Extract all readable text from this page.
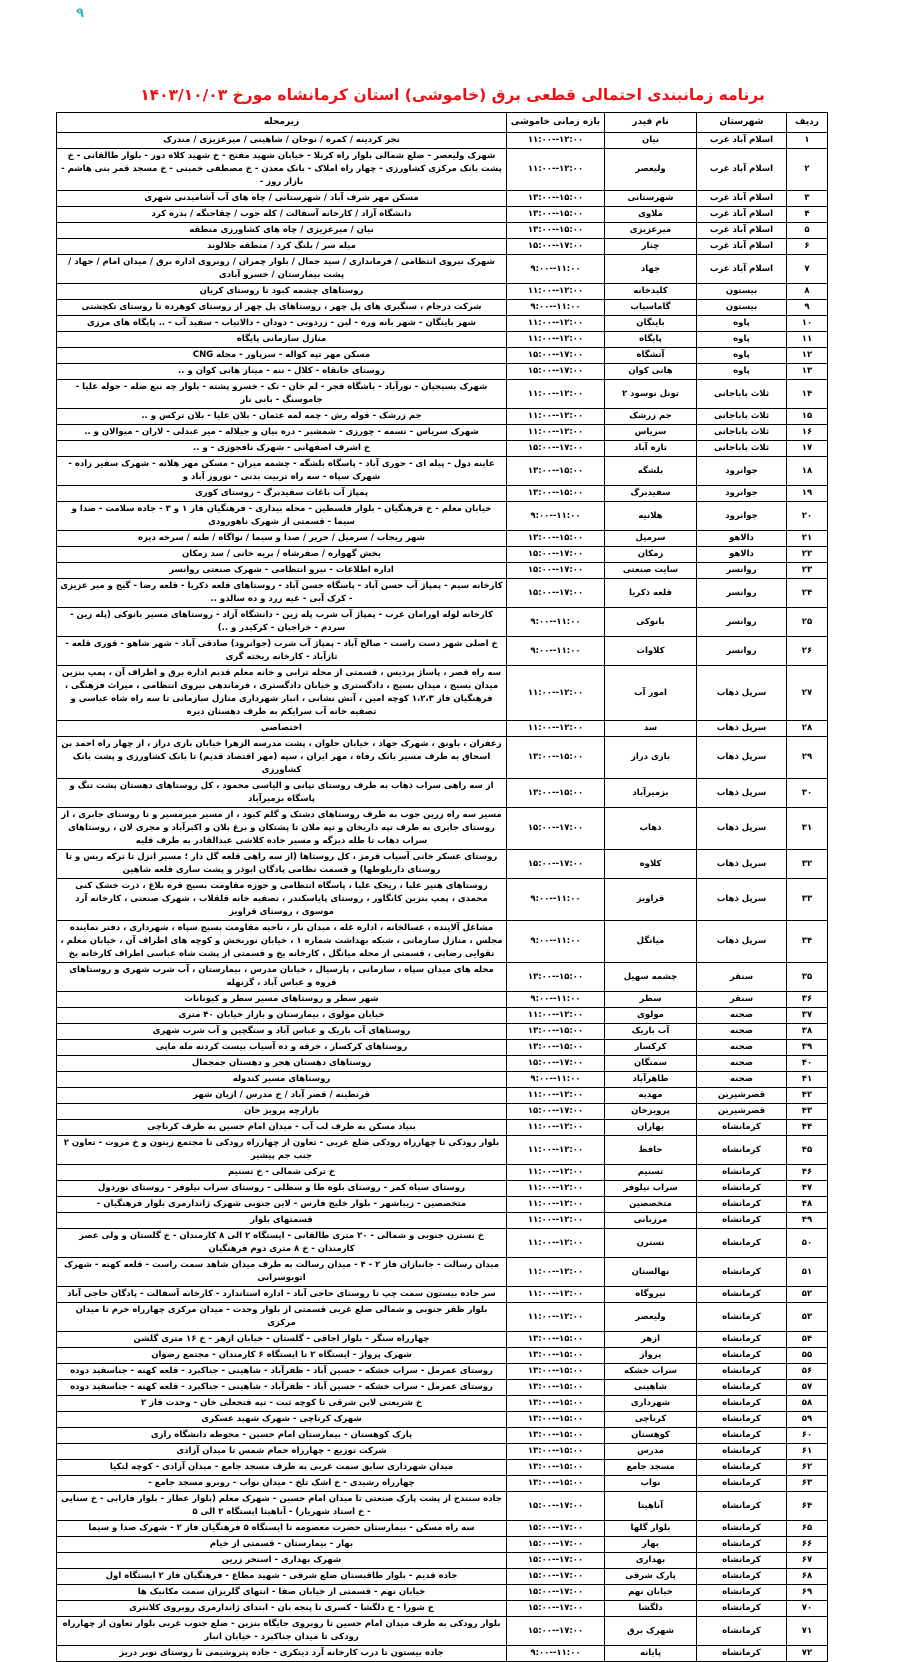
۹
برنامه زمانبندی احتمالی قطعی برق (خاموشی) استان کرمانشاه مورخ ۱۴۰۳/۱۰/۰۳
ردیف	شهرستان	نام فیدر	بازه زمانی خاموشی	زیرمحله
۱	اسلام آباد غرب	نیان	۱۱:۰۰--۱۲:۰۰	نجر کردینه / کمره / نوجان / شاهینی / میرعزیزی / مندرک
۲	اسلام آباد غرب	ولیعصر	۱۱:۰۰--۱۲:۰۰	شهرک ولیعصر - ضلع شمالی بلوار راه کربلا - خیابان شهید مفتح - خ شهید کلاه دوز - بلوار طالقانی - خ پشت بانک مرکزی کشاورزی - چهار راه املاک - بانک معدن - خ مصطفی خمینی - خ مسجد قمر بنی هاشم - بازار روز -
۳	اسلام آباد غرب	شهرستانی	۱۳:۰۰--۱۵:۰۰	مسکن مهر شرف آباد / شهرستانی / چاه های آب آشامیدنی شهری
۴	اسلام آباد غرب	ملاوی	۱۳:۰۰--۱۵:۰۰	دانشگاه آزاد / کارخانه آسفالت / کله جوب / چقاجنگه / بدره کرد
۵	اسلام آباد غرب	میرعزیزی	۱۳:۰۰--۱۵:۰۰	نیان / میرعزیزی / چاه های کشاورزی منطقه
۶	اسلام آباد غرب	چنار	۱۵:۰۰--۱۷:۰۰	میله سر / بلنگ کرد / منطقه جلالوند
۷	اسلام آباد غرب	جهاد	۹:۰۰--۱۱:۰۰	شهرک نیروی انتظامی / فرمانداری / سید جمال / بلوار چمران / روبروی اداره برق / میدان امام / جهاد / پشت بیمارستان / خسرو آبادی
۸	بیستون	کلیدخانه	۱۱:۰۰--۱۲:۰۰	روستاهای چشمه کبود تا روستای کریان
۹	بیستون	گاماسیاب	۹:۰۰--۱۱:۰۰	شرکت درجام ، سنگبری های پل چهر ، روستاهای پل چهر از روستای کوهرده تا روستای تکچشتی
۱۰	پاوه	باینگان	۱۱:۰۰--۱۲:۰۰	شهر باینگان - شهر بانه وره - لین - زردویی - دودان - دالانیاب - سفید آب - .. پایگاه های مرزی
۱۱	پاوه	پایگاه	۱۱:۰۰--۱۲:۰۰	منازل سازمانی پایگاه
۱۲	پاوه	آتشگاه	۱۵:۰۰--۱۷:۰۰	مسکن مهر تپه کواله - سرپاور - محله CNG
۱۳	پاوه	هانی کوان	۱۵:۰۰--۱۷:۰۰	روستای خانقاه - کلال - ننه - میناز هانی کوان و ..
۱۴	ثلاث باباجانی	تونل نوسود ۲	۱۱:۰۰--۱۲:۰۰	شهرک بسیجیان - نورآباد - باشگاه فجر - لم خان - تک - خسرو پشته - بلوار چه نبع ضله - حوله علیا - جاموسنگ - بانی نار
۱۵	ثلاث باباجانی	جم زرشک	۱۱:۰۰--۱۲:۰۰	جم زرشک - قوله رش - چمه لمه عثمان - بلان علیا - بلان ترکس و ..
۱۶	ثلاث باباجانی	سریاس	۱۱:۰۰--۱۲:۰۰	شهرک سریاس - تسمه - چورزی - شمشیر - دره بیان و جیلاله - میر عبدلی - لاران - میوالان و ..
۱۷	ثلاث باباجانی	تازه آباد	۱۵:۰۰--۱۷:۰۰	خ اشرف اصفهانی - شهرک نافجوزی - و ..
۱۸	جوانرود	بلشگه	۱۳:۰۰--۱۵:۰۰	عاینه دول - پیله ای - حوری آباد - پاسگاه بلشگه - چشمه میران - مسکن مهر هلانه - شهرک سفیر زاده - شهرک سپاه - سه راه تربیت بدنی - نوروز آباد و
۱۹	جوانرود	سفیدبرگ	۱۳:۰۰--۱۵:۰۰	پمپاژ آب باغات سفیدبرگ - روستای کوری
۲۰	جوانرود	هلانیه	۹:۰۰--۱۱:۰۰	خیابان معلم - خ فرهنگیان - بلوار فلسطین - محله بیداری - فرهنگیان فاز ۱ و ۳ - جاده سلامت - صدا و سیما - قسمتی از شهرک ناهورودی
۲۱	دالاهو	سرمیل	۱۳:۰۰--۱۵:۰۰	شهر ریجاب / سرمیل / حریر / صدا و سیما / نواگاه / طنه / سرخه دیزه
۲۲	دالاهو	زمکان	۱۵:۰۰--۱۷:۰۰	بخش گهواره / صفرشاه / بریه خانی / سد زمکان
۲۳	روانسر	سایت صنعتی	۱۵:۰۰--۱۷:۰۰	اداره اطلاعات - نیرو انتظامی - شهرک صنعتی روانسر
۲۴	روانسر	قلعه ذکریا	۱۵:۰۰--۱۷:۰۰	کارخانه سیم - پمپاژ آب حسن آباد - پاسگاه حسن آباد - روستاهای قلعه ذکریا - قلعه رضا - گیج و میر عزیزی - کرک آبی - غیه زرد و ده سالدو ..
۲۵	روانسر	بانوکی	۹:۰۰--۱۱:۰۰	کارخانه لوله اورامان غرب - پمپاژ آب شرب پله زین - دانشگاه آزاد - روستاهای مسیر بانوکی (پله زین - سردم - خراجیان - کرکیدر و ..)
۲۶	روانسر	کلاوات	۹:۰۰--۱۱:۰۰	خ اصلی شهر دست راست - صالح آباد - پمپاژ آب شرب (جوانرود) صادقی آباد - شهر شاهو - قوری قلعه - تازآباد - کارخانه ریخته گری
۲۷	سرپل ذهاب	امور آب	۱۱:۰۰--۱۲:۰۰	سه راه قصر ، پاساژ پردیس ، قسمتی از محله ترابی و خانه معلم قدیم اداره برق و اطراف آن ، پمپ بنزین میدان بسیج ، میدان بسیج ، دادگستری و خیابان دادگستری ، فرماندهی نیروی انتظامی ، میراث فرهنگی ، فرهنگیان فاز ۱،۲،۳ کوچه امین ، آتش نشانی ، انبار شهرداری منازل سازمانی تا سه راه شاه عباسی و تصفیه خانه آب سرایکم به طرف دهستان دیره
۲۸	سرپل ذهاب	سد	۱۱:۰۰--۱۲:۰۰	اختصاصی
۲۹	سرپل ذهاب	بازی دراز	۱۳:۰۰--۱۵:۰۰	زعفران ، باونق ، شهرک جهاد ، خیابان حلوان ، پشت مدرسه الزهرا خیابان بازی دراز ، از چهار راه احمد بن اسحاق به طرف مسیر بانک رفاه ، مهر ایران ، سپه (مهر اقتصاد قدیم) تا بانک کشاورزی و پشت بانک کشاورزی
۳۰	سرپل ذهاب	بزمیرآباد	۱۳:۰۰--۱۵:۰۰	از سه راهی سراب ذهاب به طرف روستای تپانی و الیاسی محمود ، کل روستاهای دهستان پشت تنگ و پاسگاه بزمیرآباد
۳۱	سرپل ذهاب	ذهاب	۱۵:۰۰--۱۷:۰۰	مسیر سه راه زرین جوب به طرف روستاهای دشتک و گلم کبود ، از مسیر میرمسیر و تا روستای جابری ، از روستای جابری به طرف تپه داریخان و تپه ملان تا پشتکان و برغ بلان و اکبرآباد و مجری لان ، روستاهای سراب ذهاب تا طله دیزگه و مسیر جاده کلاشی عبدالقادر به طرف قلیه
۳۲	سرپل ذهاب	کلاوه	۱۵:۰۰--۱۷:۰۰	روستای عسکر خانی آسیاب قرمز ، کل روستاها (از سه راهی قلعه گل دار ؛ مسیر انزل تا ترکه ریس و تا روستای داربلوطها) و قسمت نظامی پادگان ابوذر و پشت ساری قلعه شاهین
۳۳	سرپل ذهاب	قراویز	۹:۰۰--۱۱:۰۰	روستاهای هنیر علیا ، ریخک علیا ، پاسگاه انتظامی و حوزه مقاومت بسیج قره بلاغ ، ذرت خشک کنی محمدی ، پمپ بنزین کانگاور ، روستای پایاسکندر ، تصفیه خانه قلقلاب ، شهرک صنعتی ، کارخانه آرد موسوی ، روستای قراویز
۳۴	سرپل ذهاب	میانگل	۹:۰۰--۱۱:۰۰	مشاغل آلاینده ، غسالخانه ، اداره غله ، میدان بار ، ناحیه مقاومت بسیج سپاه ، شهرداری ، دفتر نماینده مجلس ، منازل سازمانی ، شبکه بهداشت شماره ۱ ، خیابان نوربخش و کوچه های اطراف آن ، خیابان معلم ، تقوایی رضایی ، قسمتی از محله میانگل ، کارخانه یخ و قسمتی از پشت شاه عباسی اطراف کارخانه یخ
۳۵	سنقر	چشمه سهیل	۱۳:۰۰--۱۵:۰۰	محله های میدان سپاه ، سازمانی ، پارسیال ، خیابان مدرس ، بیمارستان ، آب شرب شهری و روستاهای قروه و عباس آباد ، گزنهله
۳۶	سنقر	سطر	۹:۰۰--۱۱:۰۰	شهر سطر و روستاهای مسیر سطر و کیونانات
۳۷	صحنه	مولوی	۱۱:۰۰--۱۲:۰۰	خیابان مولوی ، بیمارستان و بازار خیابان ۴۰ متری
۳۸	صحنه	آب باریک	۱۳:۰۰--۱۵:۰۰	روستاهای آب باریک و عباس آباد و سنگچین و آب شرب شهری
۳۹	صحنه	کرکسار	۱۳:۰۰--۱۵:۰۰	روستاهای کرکسار ، خرقه و ده آسیاب بیست کردنه مله مایی
۴۰	صحنه	سمنگان	۱۵:۰۰--۱۷:۰۰	روستاهای دهستان هجر و دهستان جمجمال
۴۱	صحنه	طاهرآباد	۹:۰۰--۱۱:۰۰	روستاهای مسیر کندوله
۴۲	قصرشیرین	مهدیه	۱۱:۰۰--۱۲:۰۰	قرنطینه / قصر آباد / خ مدرس / ازیان شهر
۴۳	قصرشیرین	پرویزخان	۱۵:۰۰--۱۷:۰۰	بازارچه پرویز خان
۴۴	کرمانشاه	بهاران	۱۱:۰۰--۱۲:۰۰	بنیاد مسکن به طرف لب آب - میدان امام حسین به طرف کرناچی
۴۵	کرمانشاه	حافظ	۱۱:۰۰--۱۲:۰۰	بلوار رودکی تا چهارراه رودکی ضلع غربی - تعاون از چهارراه رودکی تا مجتمع زیتون و خ مروت - تعاون ۲ جنب جم پیشیر
۴۶	کرمانشاه	تسنیم	۱۱:۰۰--۱۲:۰۰	خ ترکی شمالی - خ تسنیم
۴۷	کرمانشاه	سراب نیلوفر	۱۱:۰۰--۱۲:۰۰	روستای سیاه کمر - روستای بلوه طا و سطلی - روستای سراب نیلوفر - روستای نوردول
۴۸	کرمانشاه	متخصصین	۱۱:۰۰--۱۲:۰۰	متخصصین - زیباشهر - بلوار خلیج فارس - لاین جنوبی شهرک ژاندارمری بلوار فرهنگیان -
۴۹	کرمانشاه	مرزبانی	۱۱:۰۰--۱۲:۰۰	قسمتهای بلوار
۵۰	کرمانشاه	نسترن	۱۱:۰۰--۱۲:۰۰	خ نسترن جنوبی و شمالی - ۲۰ متری طالقانی - ایستگاه ۲ الی ۸ کارمندان - خ گلستان و ولی عصر کارمندان - خ ۸ متری دوم فرهنگیان
۵۱	کرمانشاه	نهالستان	۱۱:۰۰--۱۲:۰۰	میدان رسالت - جانبازان فاز ۲ - ۴ - میدان رسالت به طرف میدان شاهد سمت راست - قلعه کهنه - شهرک اتوبوسرانی
۵۲	کرمانشاه	نیروگاه	۱۱:۰۰--۱۲:۰۰	سر جاده بیستون سمت چپ تا روستای حاجی آباد - اداره استاندارد - کارخانه آسفالت - پادگان حاجی آباد
۵۳	کرمانشاه	ولیعصر	۱۱:۰۰--۱۲:۰۰	بلوار ظفر جنوبی و شمالی ضلع غربی قسمتی از بلوار وحدت - میدان مرکزی چهارراه خرم تا میدان مرکزی
۵۴	کرمانشاه	ازهر	۱۳:۰۰--۱۵:۰۰	چهارراه سنگر - بلوار اجاقی - گلستان - خیابان ازهر - خ ۱۶ متری گلشن
۵۵	کرمانشاه	پرواز	۱۳:۰۰--۱۵:۰۰	شهرک پرواز - ایستگاه ۲ تا ایستگاه ۶ کارمندان - مجتمع رضوان
۵۶	کرمانشاه	سراب خشکه	۱۳:۰۰--۱۵:۰۰	روستای عمرمل - سراب خشکه - حسین آباد - ظفرآباد - شاهینی - جناکبرد - قلعه کهنه - جناسفید دوده
۵۷	کرمانشاه	شاهینی	۱۳:۰۰--۱۵:۰۰	روستای عمرمل - سراب خشکه - حسین آباد - ظفرآباد - شاهینی - جناکبرد - قلعه کهنه - جناسفید دوده
۵۸	کرمانشاه	شهرداری	۱۳:۰۰--۱۵:۰۰	خ شریعتی لاین شرقی تا کوچه ثبت - تپه فتحعلی خان - وحدت فاز ۲
۵۹	کرمانشاه	کرناچی	۱۳:۰۰--۱۵:۰۰	شهرک کرناچی - شهرک شهید عسکری
۶۰	کرمانشاه	کوهستان	۱۳:۰۰--۱۵:۰۰	پارک کوهستان - بیمارستان امام حسین - محوطه دانشگاه رازی
۶۱	کرمانشاه	مدرس	۱۳:۰۰--۱۵:۰۰	شرکت توزیع - چهارراه حمام شمس تا میدان آزادی
۶۲	کرمانشاه	مسجد جامع	۱۳:۰۰--۱۵:۰۰	میدان شهرداری سابق سمت غربی به طرف مسجد جامع - میدان آزادی - کوچه لنکیا
۶۳	کرمانشاه	نواب	۱۳:۰۰--۱۵:۰۰	چهارراه رشیدی - خ اشک تلخ - میدان نواب - روبرو مسجد جامع -
۶۴	کرمانشاه	آناهیتا	۱۵:۰۰--۱۷:۰۰	جاده سنندج از پشت پارک صنعتی تا میدان امام حسین - شهرک معلم (بلوار عطار - بلوار فارابی - خ سنایی - خ استاد شهریار) - آناهیتا ایستگاه ۲ الی ۵
۶۵	کرمانشاه	بلوار گلها	۱۵:۰۰--۱۷:۰۰	سه راه مسکن - بیمارستان حضرت معصومه تا ایستگاه ۵ فرهنگیان فاز ۲ - شهرک صدا و سیما
۶۶	کرمانشاه	بهار	۱۵:۰۰--۱۷:۰۰	بهار - بیمارستان - قسمتی از خیام
۶۷	کرمانشاه	بهداری	۱۵:۰۰--۱۷:۰۰	شهرک بهداری - استخر زرین
۶۸	کرمانشاه	پارک شرقی	۱۵:۰۰--۱۷:۰۰	جاده قدیم - بلوار طاقبستان ضلع شرقی - شهید مطاع - فرهنگیان فاز ۲ ایستگاه اول
۶۹	کرمانشاه	خیابان نهم	۱۵:۰۰--۱۷:۰۰	خیابان نهم - قسمتی از خیابان صفا - انتهای گلریزان سمت مکانیک ها
۷۰	کرمانشاه	دلگشا	۱۵:۰۰--۱۷:۰۰	خ شورا - خ دلگشا - کسری تا پنجه بان - ابتدای ژاندارمری روبروی کلانتری
۷۱	کرمانشاه	شهرک برق	۱۵:۰۰--۱۷:۰۰	بلوار رودکی به طرف میدان امام حسین تا روبروی جایگاه بنزین - ضلع جنوب غربی بلوار تعاون از چهارراه رودکی تا میدان جناکبرد - خیابان انبار
۷۲	کرمانشاه	پایانه	۹:۰۰--۱۱:۰۰	جاده بیستون تا درب کارخانه آرد دینکری - جاده پتروشیمی تا روستای نوبر دریز
